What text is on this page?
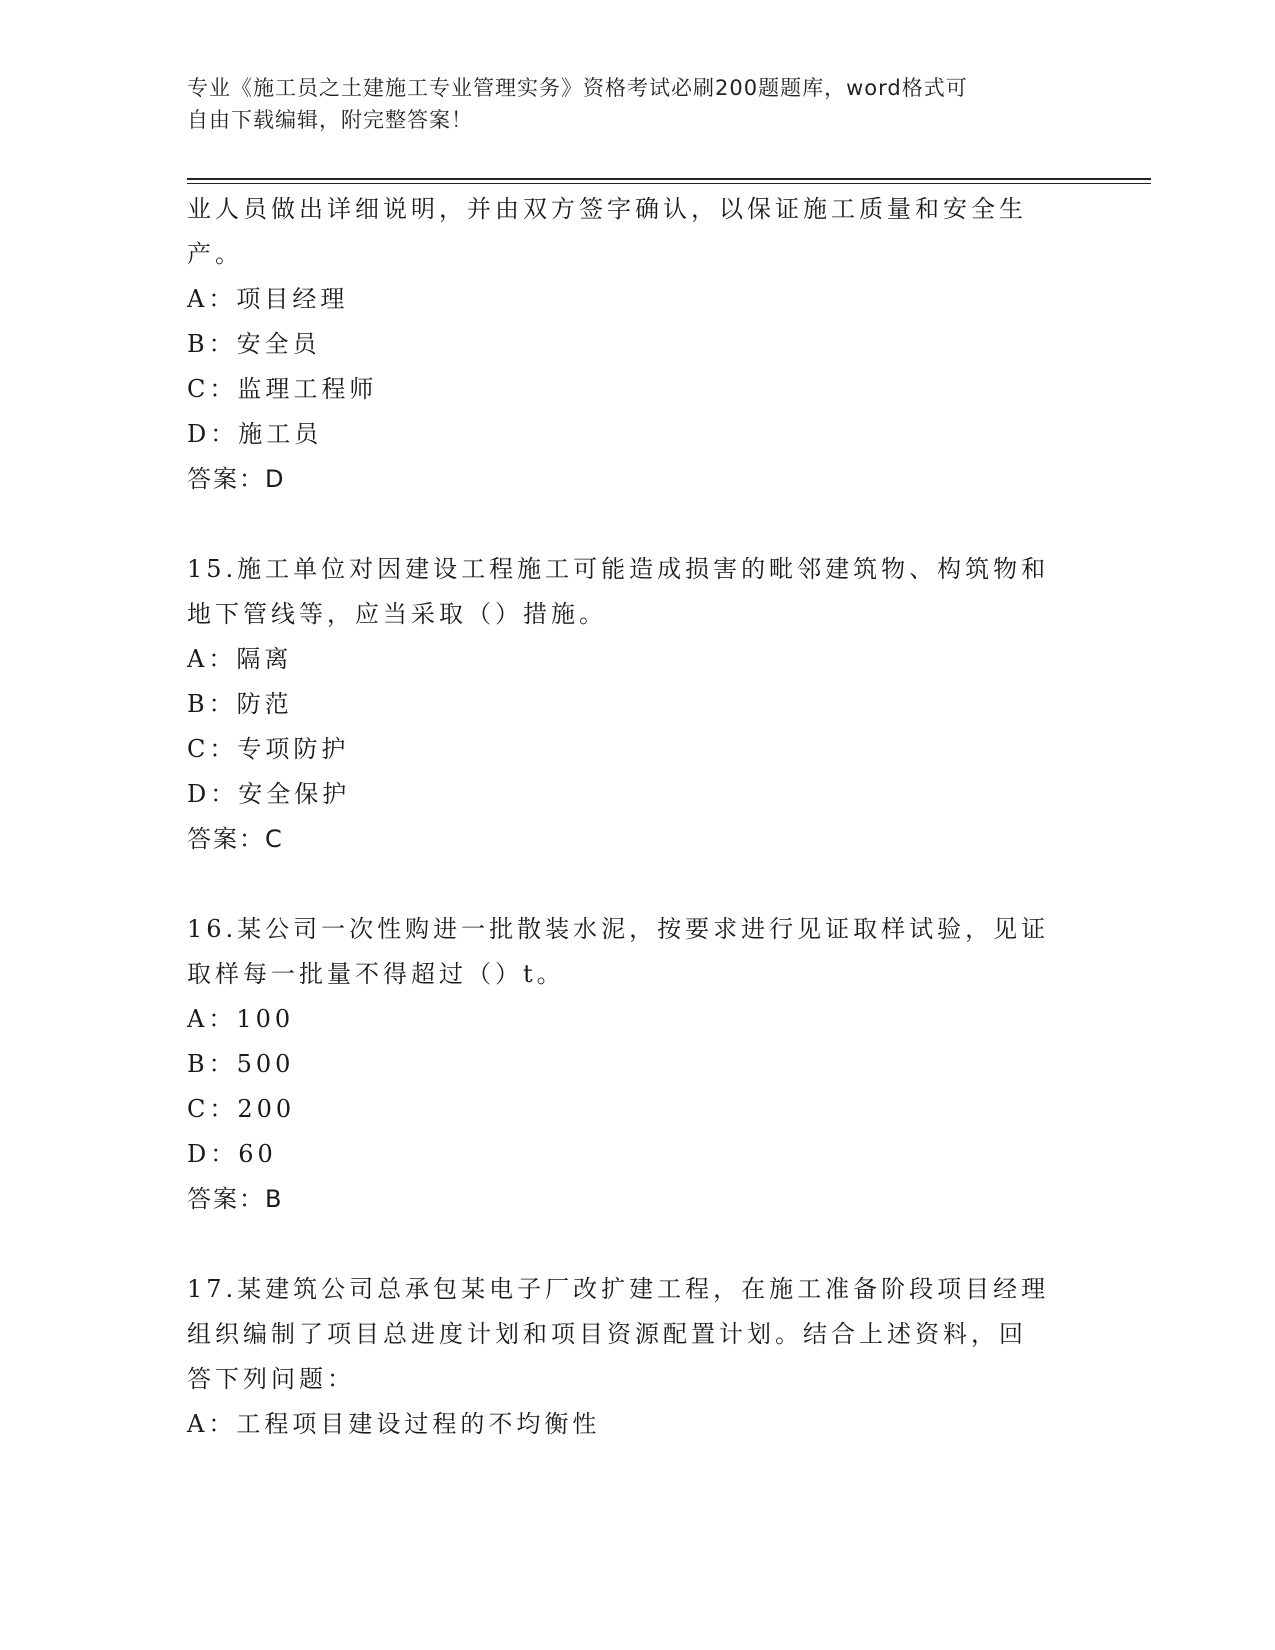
专业《施工员之土建施工专业管理实务》资格考试必刷200题题库，word格式可
自由下载编辑，附完整答案！
业人员做出详细说明，并由双方签字确认，以保证施工质量和安全生
产。
A：项目经理
B：安全员
C：监理工程师
D：施工员
答案：D
15.施工单位对因建设工程施工可能造成损害的毗邻建筑物、构筑物和
地下管线等，应当采取（）措施。
A：隔离
B：防范
C：专项防护
D：安全保护
答案：C
16.某公司一次性购进一批散装水泥，按要求进行见证取样试验，见证
取样每一批量不得超过（）t。
A：100
B：500
C：200
D：60
答案：B
17.某建筑公司总承包某电子厂改扩建工程，在施工准备阶段项目经理
组织编制了项目总进度计划和项目资源配置计划。结合上述资料，回
答下列问题：
A：工程项目建设过程的不均衡性
